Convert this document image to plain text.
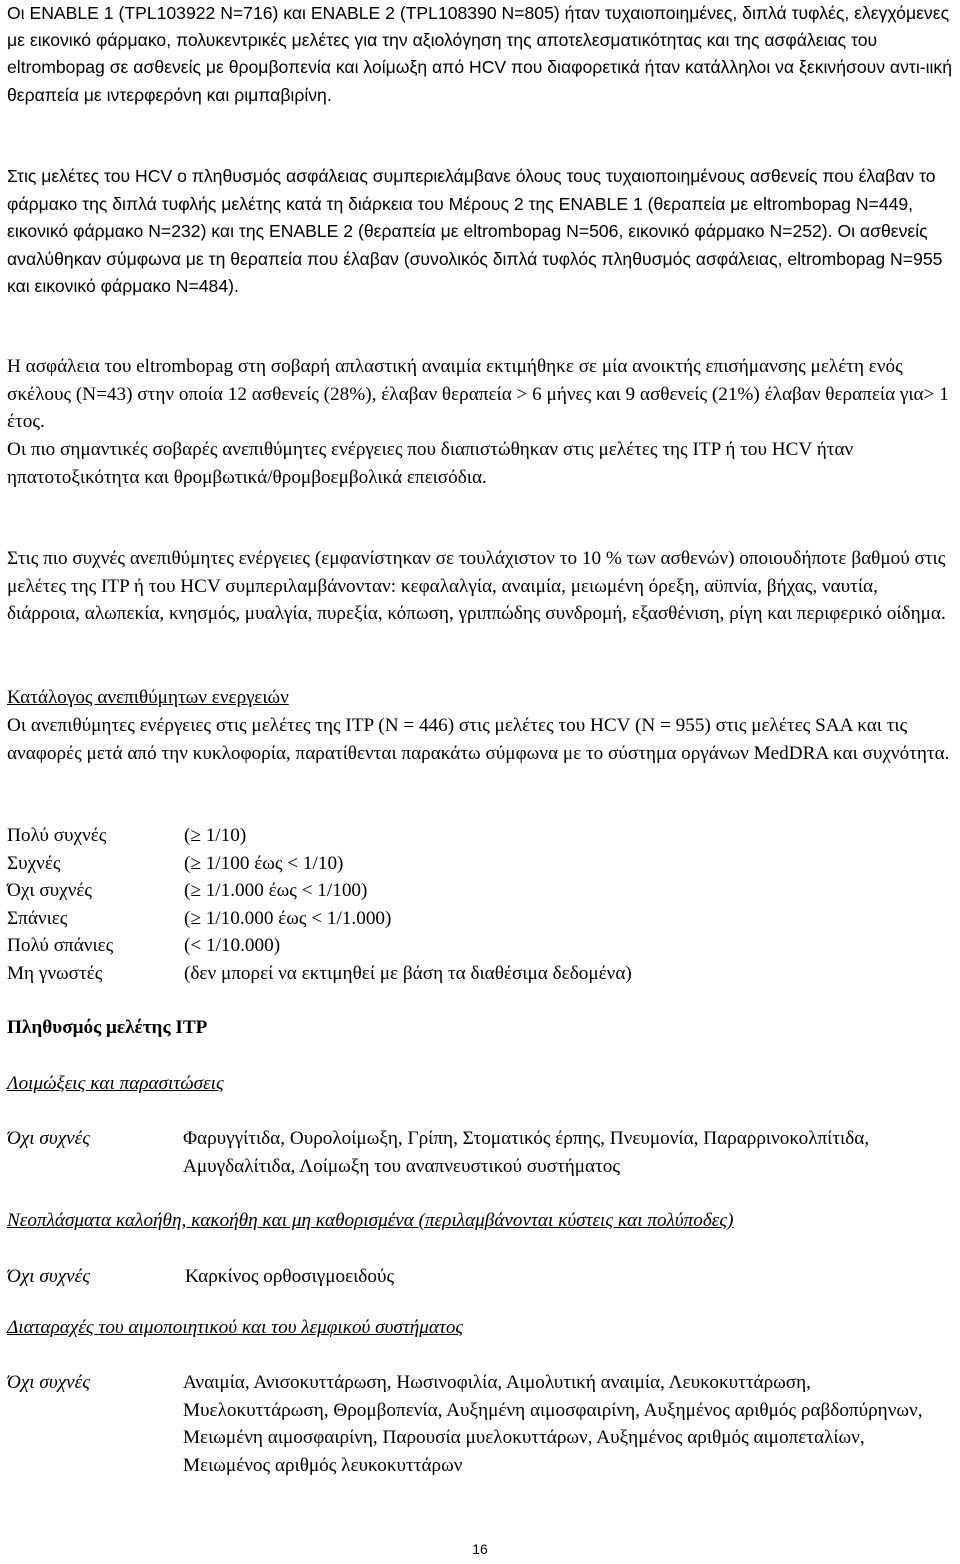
Οι ENABLE 1 (TPL103922 N=716) και ENABLE 2 (TPL108390 N=805) ήταν τυχαιοποιημένες, διπλά τυφλές, ελεγχόμενες με εικονικό φάρμακο, πολυκεντρικές μελέτες για την αξιολόγηση της αποτελεσματικότητας και της ασφάλειας του eltrombopag σε ασθενείς με θρομβοπενία και λοίμωξη από HCV που διαφορετικά ήταν κατάλληλοι να ξεκινήσουν αντι-ιική θεραπεία με ιντερφερόνη και ριμπαβιρίνη.

Στις μελέτες του HCV ο πληθυσμός ασφάλειας συμπεριελάμβανε όλους τους τυχαιοποιημένους ασθενείς που έλαβαν το φάρμακο της διπλά τυφλής μελέτης κατά τη διάρκεια του Μέρους 2 της ENABLE 1 (θεραπεία με eltrombopag N=449, εικονικό φάρμακο N=232) και της ENABLE 2 (θεραπεία με eltrombopag N=506, εικονικό φάρμακο N=252). Οι ασθενείς αναλύθηκαν σύμφωνα με τη θεραπεία που έλαβαν (συνολικός διπλά τυφλός πληθυσμός ασφάλειας, eltrombopag N=955 και εικονικό φάρμακο N=484).

Η ασφάλεια του eltrombopag στη σοβαρή απλαστική αναιμία εκτιμήθηκε σε μία ανοικτής επισήμανσης μελέτη ενός σκέλους (N=43) στην οποία 12 ασθενείς (28%), έλαβαν θεραπεία > 6 μήνες και 9 ασθενείς (21%) έλαβαν θεραπεία για> 1 έτος.

Οι πιο σημαντικές σοβαρές ανεπιθύμητες ενέργειες που διαπιστώθηκαν στις μελέτες της ITP ή του HCV ήταν ηπατοτοξικότητα και θρομβωτικά/θρομβοεμβολικά επεισόδια.

Στις πιο συχνές ανεπιθύμητες ενέργειες (εμφανίστηκαν σε τουλάχιστον το 10 % των ασθενών) οποιουδήποτε βαθμού στις μελέτες της ITP ή του HCV συμπεριλαμβάνονταν: κεφαλαλγία, αναιμία, μειωμένη όρεξη, αϋπνία, βήχας, ναυτία, διάρροια, αλωπεκία, κνησμός, μυαλγία, πυρεξία, κόπωση, γριππώδης συνδρομή, εξασθένιση, ρίγη και περιφερικό οίδημα.

Κατάλογος ανεπιθύμητων ενεργειών

Οι ανεπιθύμητες ενέργειες στις μελέτες της ITP (N = 446) στις μελέτες του HCV (N = 955) στις μελέτες SAA και τις αναφορές μετά από την κυκλοφορία, παρατίθενται παρακάτω σύμφωνα με το σύστημα οργάνων MedDRA και συχνότητα.

Πολύ συχνές	(≥ 1/10)
Συχνές	(≥ 1/100 έως < 1/10)
Όχι συχνές	(≥ 1/1.000 έως < 1/100)
Σπάνιες	(≥ 1/10.000 έως < 1/1.000)
Πολύ σπάνιες	(< 1/10.000)
Μη γνωστές	(δεν μπορεί να εκτιμηθεί με βάση τα διαθέσιμα δεδομένα)

Πληθυσμός μελέτης ITP

Λοιμώξεις και παρασιτώσεις

Όχι συχνές	Φαρυγγίτιδα, Ουρολοίμωξη, Γρίπη, Στοματικός έρπης, Πνευμονία, Παραρρινοκολπίτιδα, Αμυγδαλίτιδα, Λοίμωξη του αναπνευστικού συστήματος

Νεοπλάσματα καλοήθη, κακοήθη και μη καθορισμένα (περιλαμβάνονται κύστεις και πολύποδες)

Όχι συχνές	Καρκίνος ορθοσιγμοειδούς

Διαταραχές του αιμοποιητικού και του λεμφικού συστήματος

Όχι συχνές	Αναιμία, Ανισοκυττάρωση, Ηωσινοφιλία, Αιμολυτική αναιμία, Λευκοκυττάρωση, Μυελοκυττάρωση, Θρομβοπενία, Αυξημένη αιμοσφαιρίνη, Αυξημένος αριθμός ραβδοπύρηνων, Μειωμένη αιμοσφαιρίνη, Παρουσία μυελοκυττάρων, Αυξημένος αριθμός αιμοπεταλίων, Μειωμένος αριθμός λευκοκυττάρων
16
